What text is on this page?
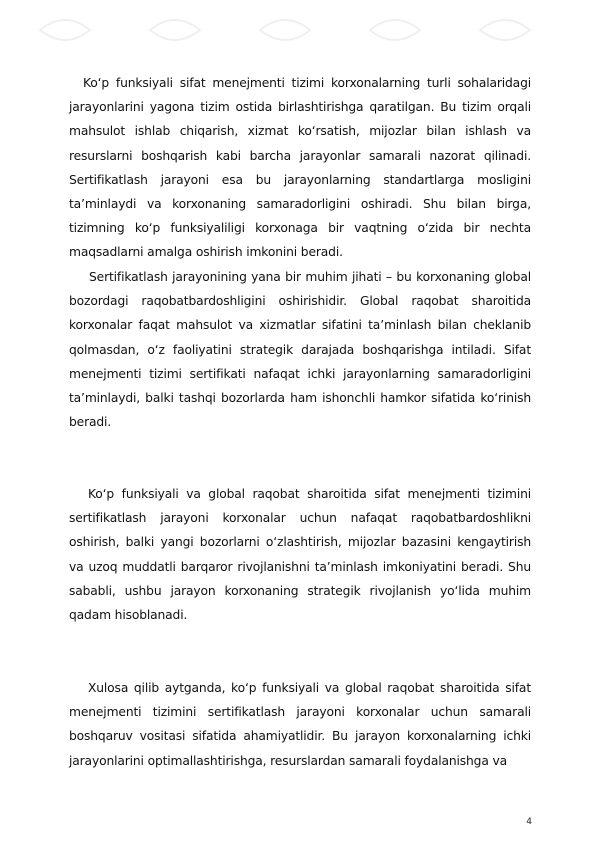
Ko‘p funksiyali sifat menejmenti tizimi korxonalarning turli sohalaridagi jarayonlarini yagona tizim ostida birlashtirishga qaratilgan. Bu tizim orqali mahsulot ishlab chiqarish, xizmat ko‘rsatish, mijozlar bilan ishlash va resurslarni boshqarish kabi barcha jarayonlar samarali nazorat qilinadi. Sertifikatlash jarayoni esa bu jarayonlarning standartlarga mosligini ta’minlaydi va korxonaning samaradorligini oshiradi. Shu bilan birga, tizimning ko‘p funksiyaliligi korxonaga bir vaqtning o‘zida bir nechta maqsadlarni amalga oshirish imkonini beradi.

Sertifikatlash jarayonining yana bir muhim jihati – bu korxonaning global bozordagi raqobatbardoshligini oshirishidir. Global raqobat sharoitida korxonalar faqat mahsulot va xizmatlar sifatini ta’minlash bilan cheklanib qolmasdan, o‘z faoliyatini strategik darajada boshqarishga intiladi. Sifat menejmenti tizimi sertifikati nafaqat ichki jarayonlarning samaradorligini ta’minlaydi, balki tashqi bozorlarda ham ishonchli hamkor sifatida ko‘rinish beradi.

Ko‘p funksiyali va global raqobat sharoitida sifat menejmenti tizimini sertifikatlash jarayoni korxonalar uchun nafaqat raqobatbardoshlikni oshirish, balki yangi bozorlarni o‘zlashtirish, mijozlar bazasini kengaytirish va uzoq muddatli barqaror rivojlanishni ta’minlash imkoniyatini beradi. Shu sababli, ushbu jarayon korxonaning strategik rivojlanish yo‘lida muhim qadam hisoblanadi.

Xulosa qilib aytganda, ko‘p funksiyali va global raqobat sharoitida sifat menejmenti tizimini sertifikatlash jarayoni korxonalar uchun samarali boshqaruv vositasi sifatida ahamiyatlidir. Bu jarayon korxonalarning ichki jarayonlarini optimallashtirishga, resurslardan samarali foydalanishga va

4
